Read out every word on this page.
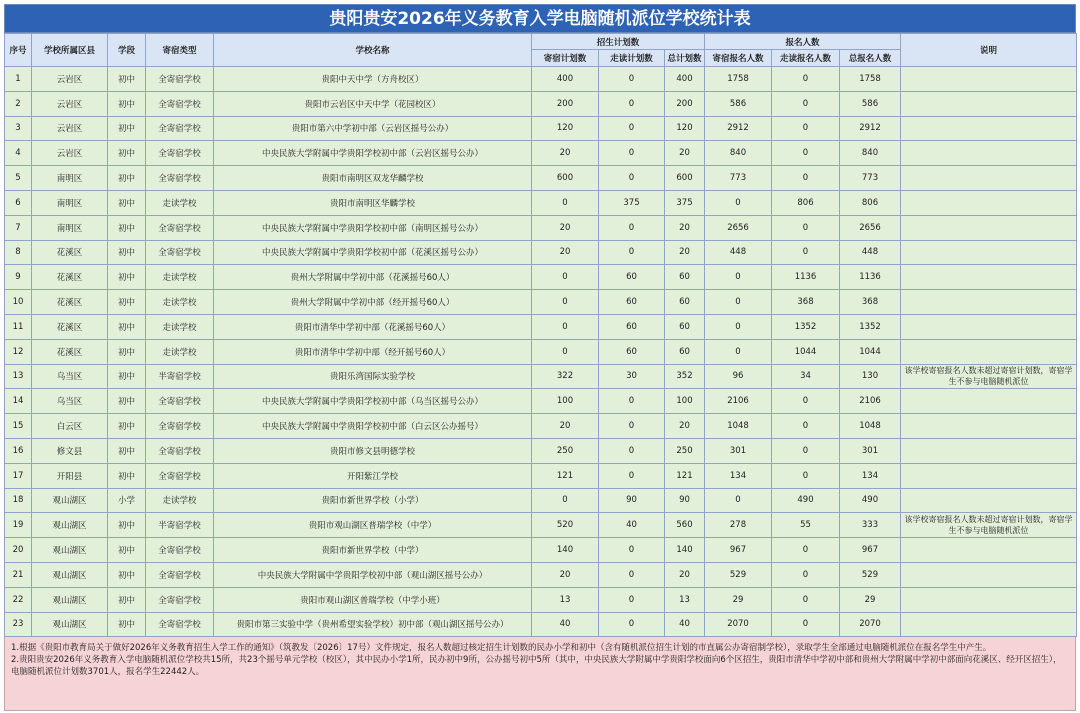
贵阳贵安2026年义务教育入学电脑随机派位学校统计表
序号	学校所属区县	学段	寄宿类型	学校名称	招生计划数			报名人数			说明
					寄宿计划数	走读计划数	总计划数	寄宿报名人数	走读报名人数	总报名人数	
1	云岩区	初中	全寄宿学校	贵阳中天中学（方舟校区）	400	0	400	1758	0	1758	
2	云岩区	初中	全寄宿学校	贵阳市云岩区中天中学（花园校区）	200	0	200	586	0	586	
3	云岩区	初中	全寄宿学校	贵阳市第六中学初中部（云岩区摇号公办）	120	0	120	2912	0	2912	
4	云岩区	初中	全寄宿学校	中央民族大学附属中学贵阳学校初中部（云岩区摇号公办）	20	0	20	840	0	840	
5	南明区	初中	全寄宿学校	贵阳市南明区双龙华麟学校	600	0	600	773	0	773	
6	南明区	初中	走读学校	贵阳市南明区华麟学校	0	375	375	0	806	806	
7	南明区	初中	全寄宿学校	中央民族大学附属中学贵阳学校初中部（南明区摇号公办）	20	0	20	2656	0	2656	
8	花溪区	初中	全寄宿学校	中央民族大学附属中学贵阳学校初中部（花溪区摇号公办）	20	0	20	448	0	448	
9	花溪区	初中	走读学校	贵州大学附属中学初中部（花溪摇号60人）	0	60	60	0	1136	1136	
10	花溪区	初中	走读学校	贵州大学附属中学初中部（经开摇号60人）	0	60	60	0	368	368	
11	花溪区	初中	走读学校	贵阳市清华中学初中部（花溪摇号60人）	0	60	60	0	1352	1352	
12	花溪区	初中	走读学校	贵阳市清华中学初中部（经开摇号60人）	0	60	60	0	1044	1044	
13	乌当区	初中	半寄宿学校	贵阳乐湾国际实验学校	322	30	352	96	34	130	该学校寄宿报名人数未超过寄宿计划数，寄宿学生不参与电脑随机派位
14	乌当区	初中	全寄宿学校	中央民族大学附属中学贵阳学校初中部（乌当区摇号公办）	100	0	100	2106	0	2106	
15	白云区	初中	全寄宿学校	中央民族大学附属中学贵阳学校初中部（白云区公办摇号）	20	0	20	1048	0	1048	
16	修文县	初中	全寄宿学校	贵阳市修文县明德学校	250	0	250	301	0	301	
17	开阳县	初中	全寄宿学校	开阳紫江学校	121	0	121	134	0	134	
18	观山湖区	小学	走读学校	贵阳市新世界学校（小学）	0	90	90	0	490	490	
19	观山湖区	初中	半寄宿学校	贵阳市观山湖区普瑞学校（中学）	520	40	560	278	55	333	该学校寄宿报名人数未超过寄宿计划数，寄宿学生不参与电脑随机派位
20	观山湖区	初中	全寄宿学校	贵阳市新世界学校（中学）	140	0	140	967	0	967	
21	观山湖区	初中	全寄宿学校	中央民族大学附属中学贵阳学校初中部（观山湖区摇号公办）	20	0	20	529	0	529	
22	观山湖区	初中	全寄宿学校	贵阳市观山湖区普瑞学校（中学小班）	13	0	13	29	0	29	
23	观山湖区	初中	全寄宿学校	贵阳市第三实验中学（贵州希望实验学校）初中部（观山湖区摇号公办）	40	0	40	2070	0	2070	

1.根据《贵阳市教育局关于做好2026年义务教育招生入学工作的通知》（筑教发〔2026〕17号）文件规定，报名人数超过核定招生计划数的民办小学和初中（含有随机派位招生计划的市直属公办寄宿制学校），录取学生全部通过电脑随机派位在报名学生中产生。

2.贵阳贵安2026年义务教育入学电脑随机派位学校共15所，共23个摇号单元学校（校区），其中民办小学1所，民办初中9所，公办摇号初中5所（其中，中央民族大学附属中学贵阳学校面向6个区招生，贵阳市清华中学初中部和贵州大学附属中学初中部面向花溪区、经开区招生），电脑随机派位计划数3701人，报名学生22442人。
